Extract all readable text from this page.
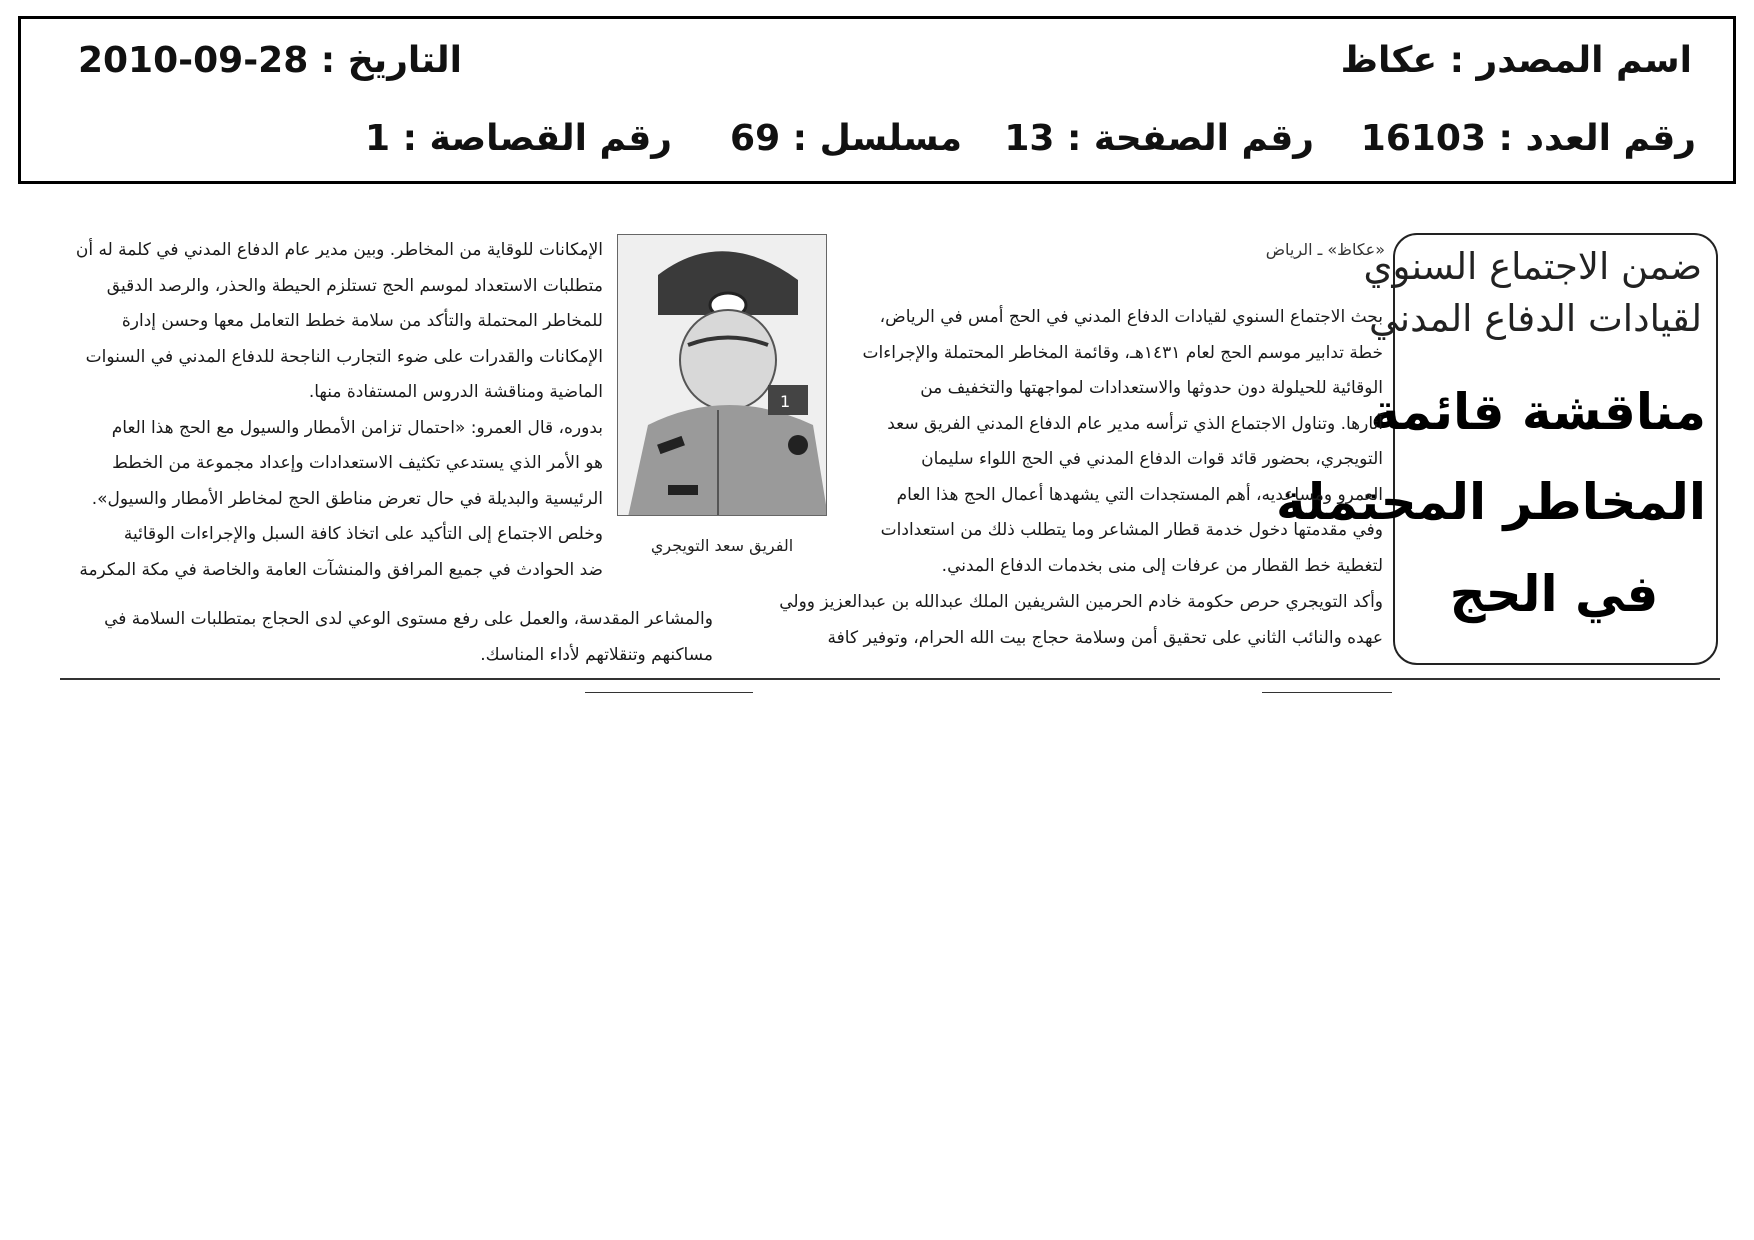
اسم المصدر : عكاظ
التاريخ : 28-09-2010
رقم العدد : 16103
رقم الصفحة : 13
مسلسل : 69
رقم القصاصة : 1
ضمن الاجتماع السنوي
لقيادات الدفاع المدني
مناقشة قائمة
المخاطر المحتملة
في الحج
«عكاظ» ـ الرياض
بحث الاجتماع السنوي لقيادات الدفاع المدني في الحج أمس في الرياض،
خطة تدابير موسم الحج لعام ١٤٣١هـ، وقائمة المخاطر المحتملة والإجراءات
الوقائية للحيلولة دون حدوثها والاستعدادات لمواجهتها والتخفيف من
آثارها. وتناول الاجتماع الذي ترأسه مدير عام الدفاع المدني الفريق سعد
التويجري، بحضور قائد قوات الدفاع المدني في الحج اللواء سليمان
العمرو ومساعديه، أهم المستجدات التي يشهدها أعمال الحج هذا العام
وفي مقدمتها دخول خدمة قطار المشاعر وما يتطلب ذلك من استعدادات
لتغطية خط القطار من عرفات إلى منى بخدمات الدفاع المدني.
وأكد التويجري حرص حكومة خادم الحرمين الشريفين الملك عبدالله بن عبدالعزيز وولي
عهده والنائب الثاني على تحقيق أمن وسلامة حجاج بيت الله الحرام، وتوفير كافة
1
الفريق سعد التويجري
الإمكانات للوقاية من المخاطر. وبين مدير عام الدفاع المدني في كلمة له أن
متطلبات الاستعداد لموسم الحج تستلزم الحيطة والحذر، والرصد الدقيق
للمخاطر المحتملة والتأكد من سلامة خطط التعامل معها وحسن إدارة
الإمكانات والقدرات على ضوء التجارب الناجحة للدفاع المدني في السنوات
الماضية ومناقشة الدروس المستفادة منها.
بدوره، قال العمرو: «احتمال تزامن الأمطار والسيول مع الحج هذا العام
هو الأمر الذي يستدعي تكثيف الاستعدادات وإعداد مجموعة من الخطط
الرئيسية والبديلة في حال تعرض مناطق الحج لمخاطر الأمطار والسيول».
وخلص الاجتماع إلى التأكيد على اتخاذ كافة السبل والإجراءات الوقائية
ضد الحوادث في جميع المرافق والمنشآت العامة والخاصة في مكة المكرمة
والمشاعر المقدسة، والعمل على رفع مستوى الوعي لدى الحجاج بمتطلبات السلامة في
مساكنهم وتنقلاتهم لأداء المناسك.
